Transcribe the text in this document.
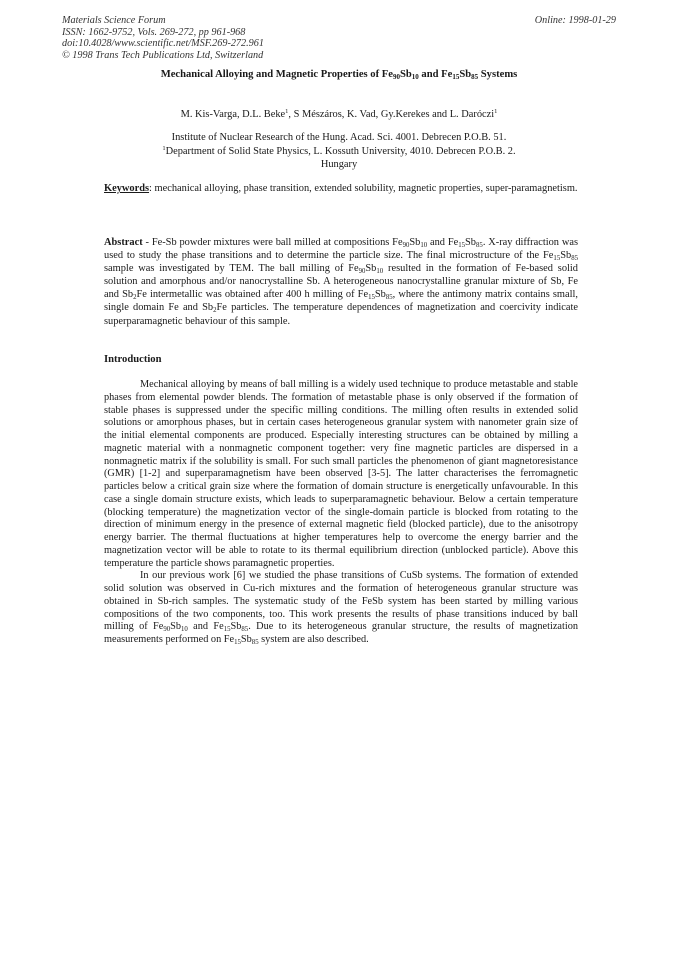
Materials Science Forum
ISSN: 1662-9752, Vols. 269-272, pp 961-968
doi:10.4028/www.scientific.net/MSF.269-272.961
© 1998 Trans Tech Publications Ltd, Switzerland
Online: 1998-01-29
Mechanical Alloying and Magnetic Properties of $Fe_{90}Sb_{10}$ and $Fe_{15}Sb_{85}$ Systems
M. Kis-Varga, D.L. Beke$^1$, S Mészáros, K. Vad, Gy.Kerekes and L. Daróczi$^1$
Institute of Nuclear Research of the Hung. Acad. Sci. 4001. Debrecen P.O.B. 51.
$^1$Department of Solid State Physics, L. Kossuth University, 4010. Debrecen P.O.B. 2.
Hungary
Keywords: mechanical alloying, phase transition, extended solubility, magnetic properties, super-paramagnetism.
Abstract - Fe-Sb powder mixtures were ball milled at compositions $Fe_{90}Sb_{10}$ and $Fe_{15}Sb_{85}$. X-ray diffraction was used to study the phase transitions and to determine the particle size. The final microstructure of the $Fe_{15}Sb_{85}$ sample was investigated by TEM. The ball milling of $Fe_{90}Sb_{10}$ resulted in the formation of Fe-based solid solution and amorphous and/or nanocrystalline Sb. A heterogeneous nanocrystalline granular mixture of Sb, Fe and $Sb_2Fe$ intermetallic was obtained after 400 h milling of $Fe_{15}Sb_{85}$, where the antimony matrix contains small, single domain Fe and $Sb_2Fe$ particles. The temperature dependences of magnetization and coercivity indicate superparamagnetic behaviour of this sample.
Introduction

Mechanical alloying by means of ball milling is a widely used technique to produce metastable and stable phases from elemental powder blends. The formation of metastable phase is only observed if the formation of stable phases is suppressed under the specific milling conditions. The milling often results in extended solid solutions or amorphous phases, but in certain cases heterogeneous granular system with nanometer grain size of the initial elemental components are produced. Especially interesting structures can be obtained by milling a magnetic material with a nonmagnetic component together: very fine magnetic particles are dispersed in a nonmagnetic matrix if the solubility is small. For such small particles the phenomenon of giant magnetoresistance (GMR) [1-2] and superparamagnetism have been observed [3-5]. The latter characterises the ferromagnetic particles below a critical grain size where the formation of domain structure is energetically unfavourable. In this case a single domain structure exists, which leads to superparamagnetic behaviour. Below a certain temperature (blocking temperature) the magnetization vector of the single-domain particle is blocked from rotating to the direction of minimum energy in the presence of external magnetic field (blocked particle), due to the anisotropy energy barrier. The thermal fluctuations at higher temperatures help to overcome the energy barrier and the magnetization vector will be able to rotate to its thermal equilibrium direction (unblocked particle). Above this temperature the particle shows paramagnetic properties.

In our previous work [6] we studied the phase transitions of CuSb systems. The formation of extended solid solution was observed in Cu-rich mixtures and the formation of heterogeneous granular structure was obtained in Sb-rich samples. The systematic study of the FeSb system has been started by milling various compositions of the two components, too. This work presents the results of phase transitions induced by ball milling of $Fe_{90}Sb_{10}$ and $Fe_{15}Sb_{85}$. Due to its heterogeneous granular structure, the results of magnetization measurements performed on $Fe_{15}Sb_{85}$ system are also described.
